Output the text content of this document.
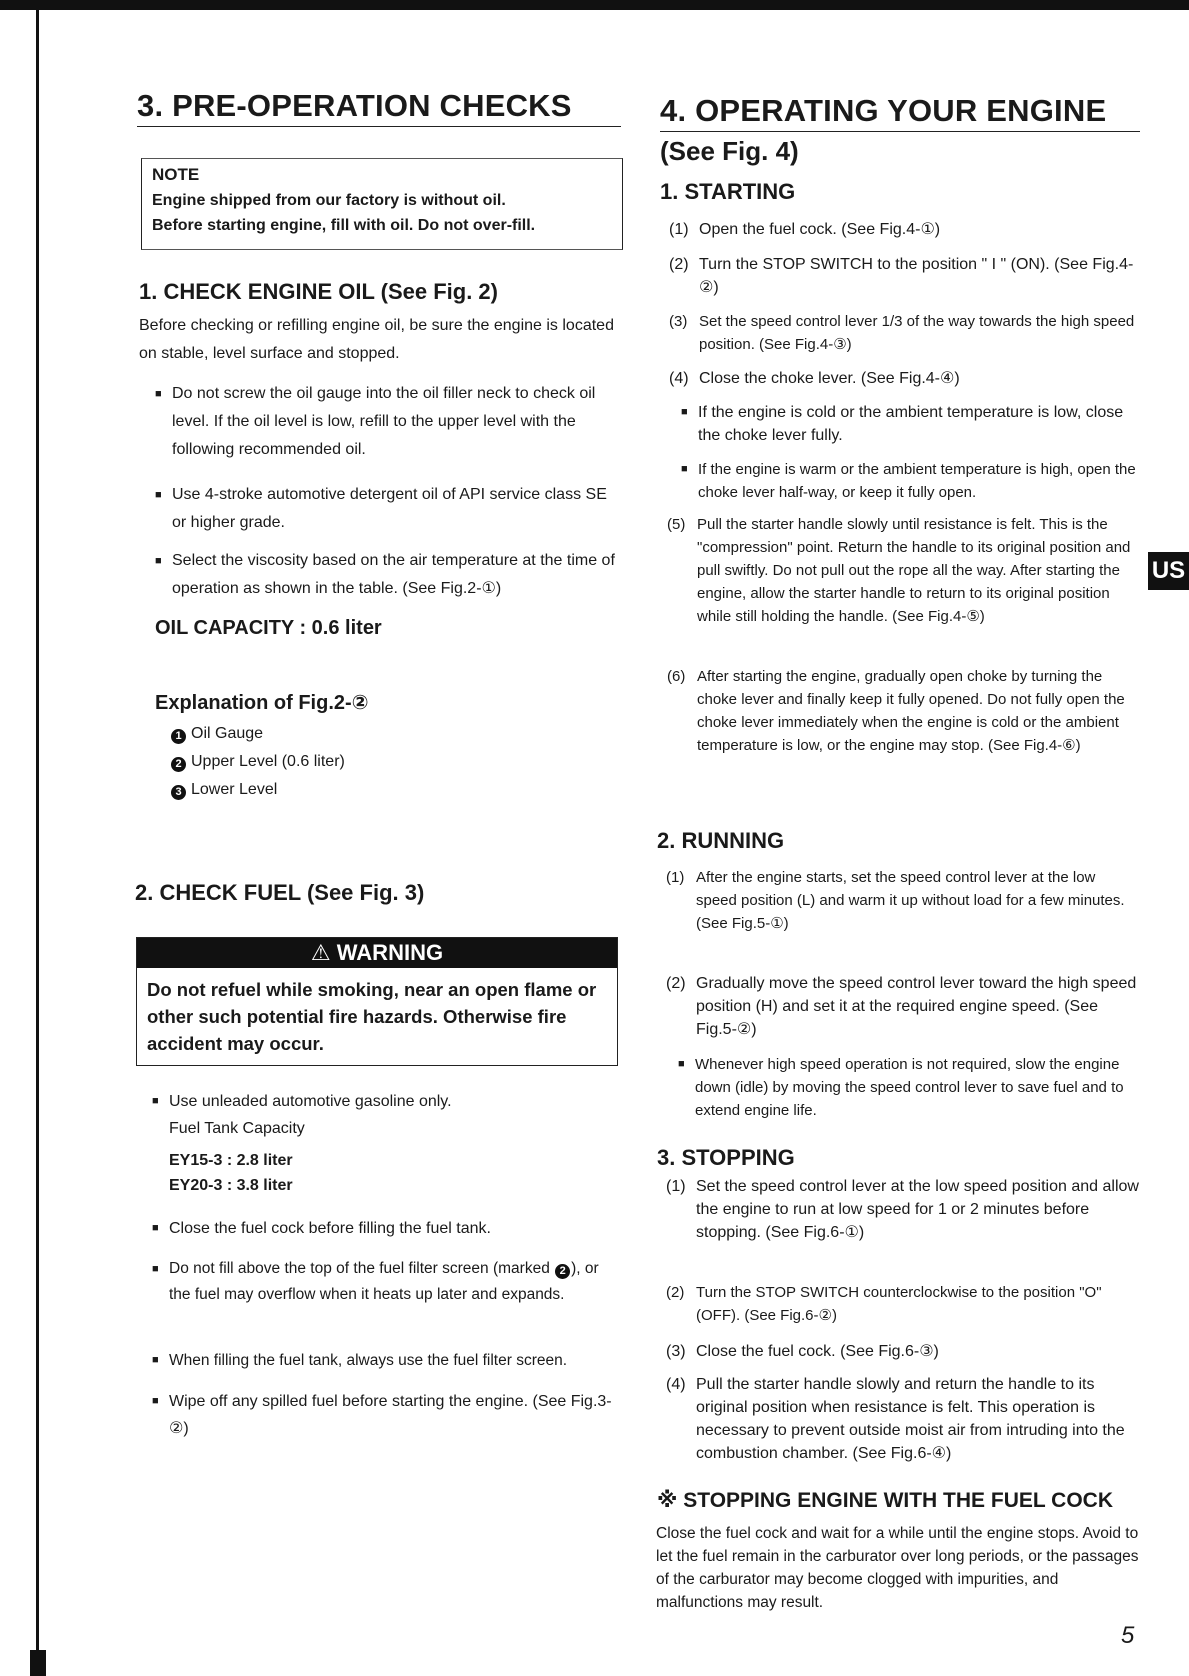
3. PRE-OPERATION CHECKS
NOTE
Engine shipped from our factory is without oil.
Before starting engine, fill with oil. Do not over-fill.
1. CHECK ENGINE OIL (See Fig. 2)
Before checking or refilling engine oil, be sure the engine is located on stable, level surface and stopped.
■ Do not screw the oil gauge into the oil filler neck to check oil level. If the oil level is low, refill to the upper level with the following recommended oil.
■ Use 4-stroke automotive detergent oil of API service class SE or higher grade.
■ Select the viscosity based on the air temperature at the time of operation as shown in the table. (See Fig.2-①)
OIL CAPACITY : 0.6 liter
Explanation of Fig.2-②
1 Oil Gauge
2 Upper Level (0.6 liter)
3 Lower Level
2. CHECK FUEL (See Fig. 3)
⚠ WARNING
Do not refuel while smoking, near an open flame or other such potential fire hazards. Otherwise fire accident may occur.
■ Use unleaded automotive gasoline only.
Fuel Tank Capacity
EY15-3 : 2.8 liter
EY20-3 : 3.8 liter
■ Close the fuel cock before filling the fuel tank.
■ Do not fill above the top of the fuel filter screen (marked 2 ), or the fuel may overflow when it heats up later and expands.
■ When filling the fuel tank, always use the fuel filter screen.
■ Wipe off any spilled fuel before starting the engine. (See Fig.3-②)
4. OPERATING YOUR ENGINE
(See Fig. 4)
1. STARTING
(1) Open the fuel cock. (See Fig.4-①)
(2) Turn the STOP SWITCH to the position " I " (ON). (See Fig.4-②)
(3) Set the speed control lever 1/3 of the way towards the high speed position. (See Fig.4-③)
(4) Close the choke lever. (See Fig.4-④)
■ If the engine is cold or the ambient temperature is low, close the choke lever fully.
■ If the engine is warm or the ambient temperature is high, open the choke lever half-way, or keep it fully open.
(5) Pull the starter handle slowly until resistance is felt. This is the "compression" point. Return the handle to its original position and pull swiftly. Do not pull out the rope all the way. After starting the engine, allow the starter handle to return to its original position while still holding the handle. (See Fig.4-⑤)
(6) After starting the engine, gradually open choke by turning the choke lever and finally keep it fully opened. Do not fully open the choke lever immediately when the engine is cold or the ambient temperature is low, or the engine may stop. (See Fig.4-⑥)
2. RUNNING
(1) After the engine starts, set the speed control lever at the low speed position (L) and warm it up without load for a few minutes. (See Fig.5-①)
(2) Gradually move the speed control lever toward the high speed position (H) and set it at the required engine speed. (See Fig.5-②)
■ Whenever high speed operation is not required, slow the engine down (idle) by moving the speed control lever to save fuel and to extend engine life.
3. STOPPING
(1) Set the speed control lever at the low speed position and allow the engine to run at low speed for 1 or 2 minutes before stopping. (See Fig.6-①)
(2) Turn the STOP SWITCH counterclockwise to the position "O" (OFF). (See Fig.6-②)
(3) Close the fuel cock. (See Fig.6-③)
(4) Pull the starter handle slowly and return the handle to its original position when resistance is felt. This operation is necessary to prevent outside moist air from intruding into the combustion chamber. (See Fig.6-④)
※ STOPPING ENGINE WITH THE FUEL COCK
Close the fuel cock and wait for a while until the engine stops. Avoid to let the fuel remain in the carburator over long periods, or the passages of the carburator may become clogged with impurities, and malfunctions may result.
US
5
